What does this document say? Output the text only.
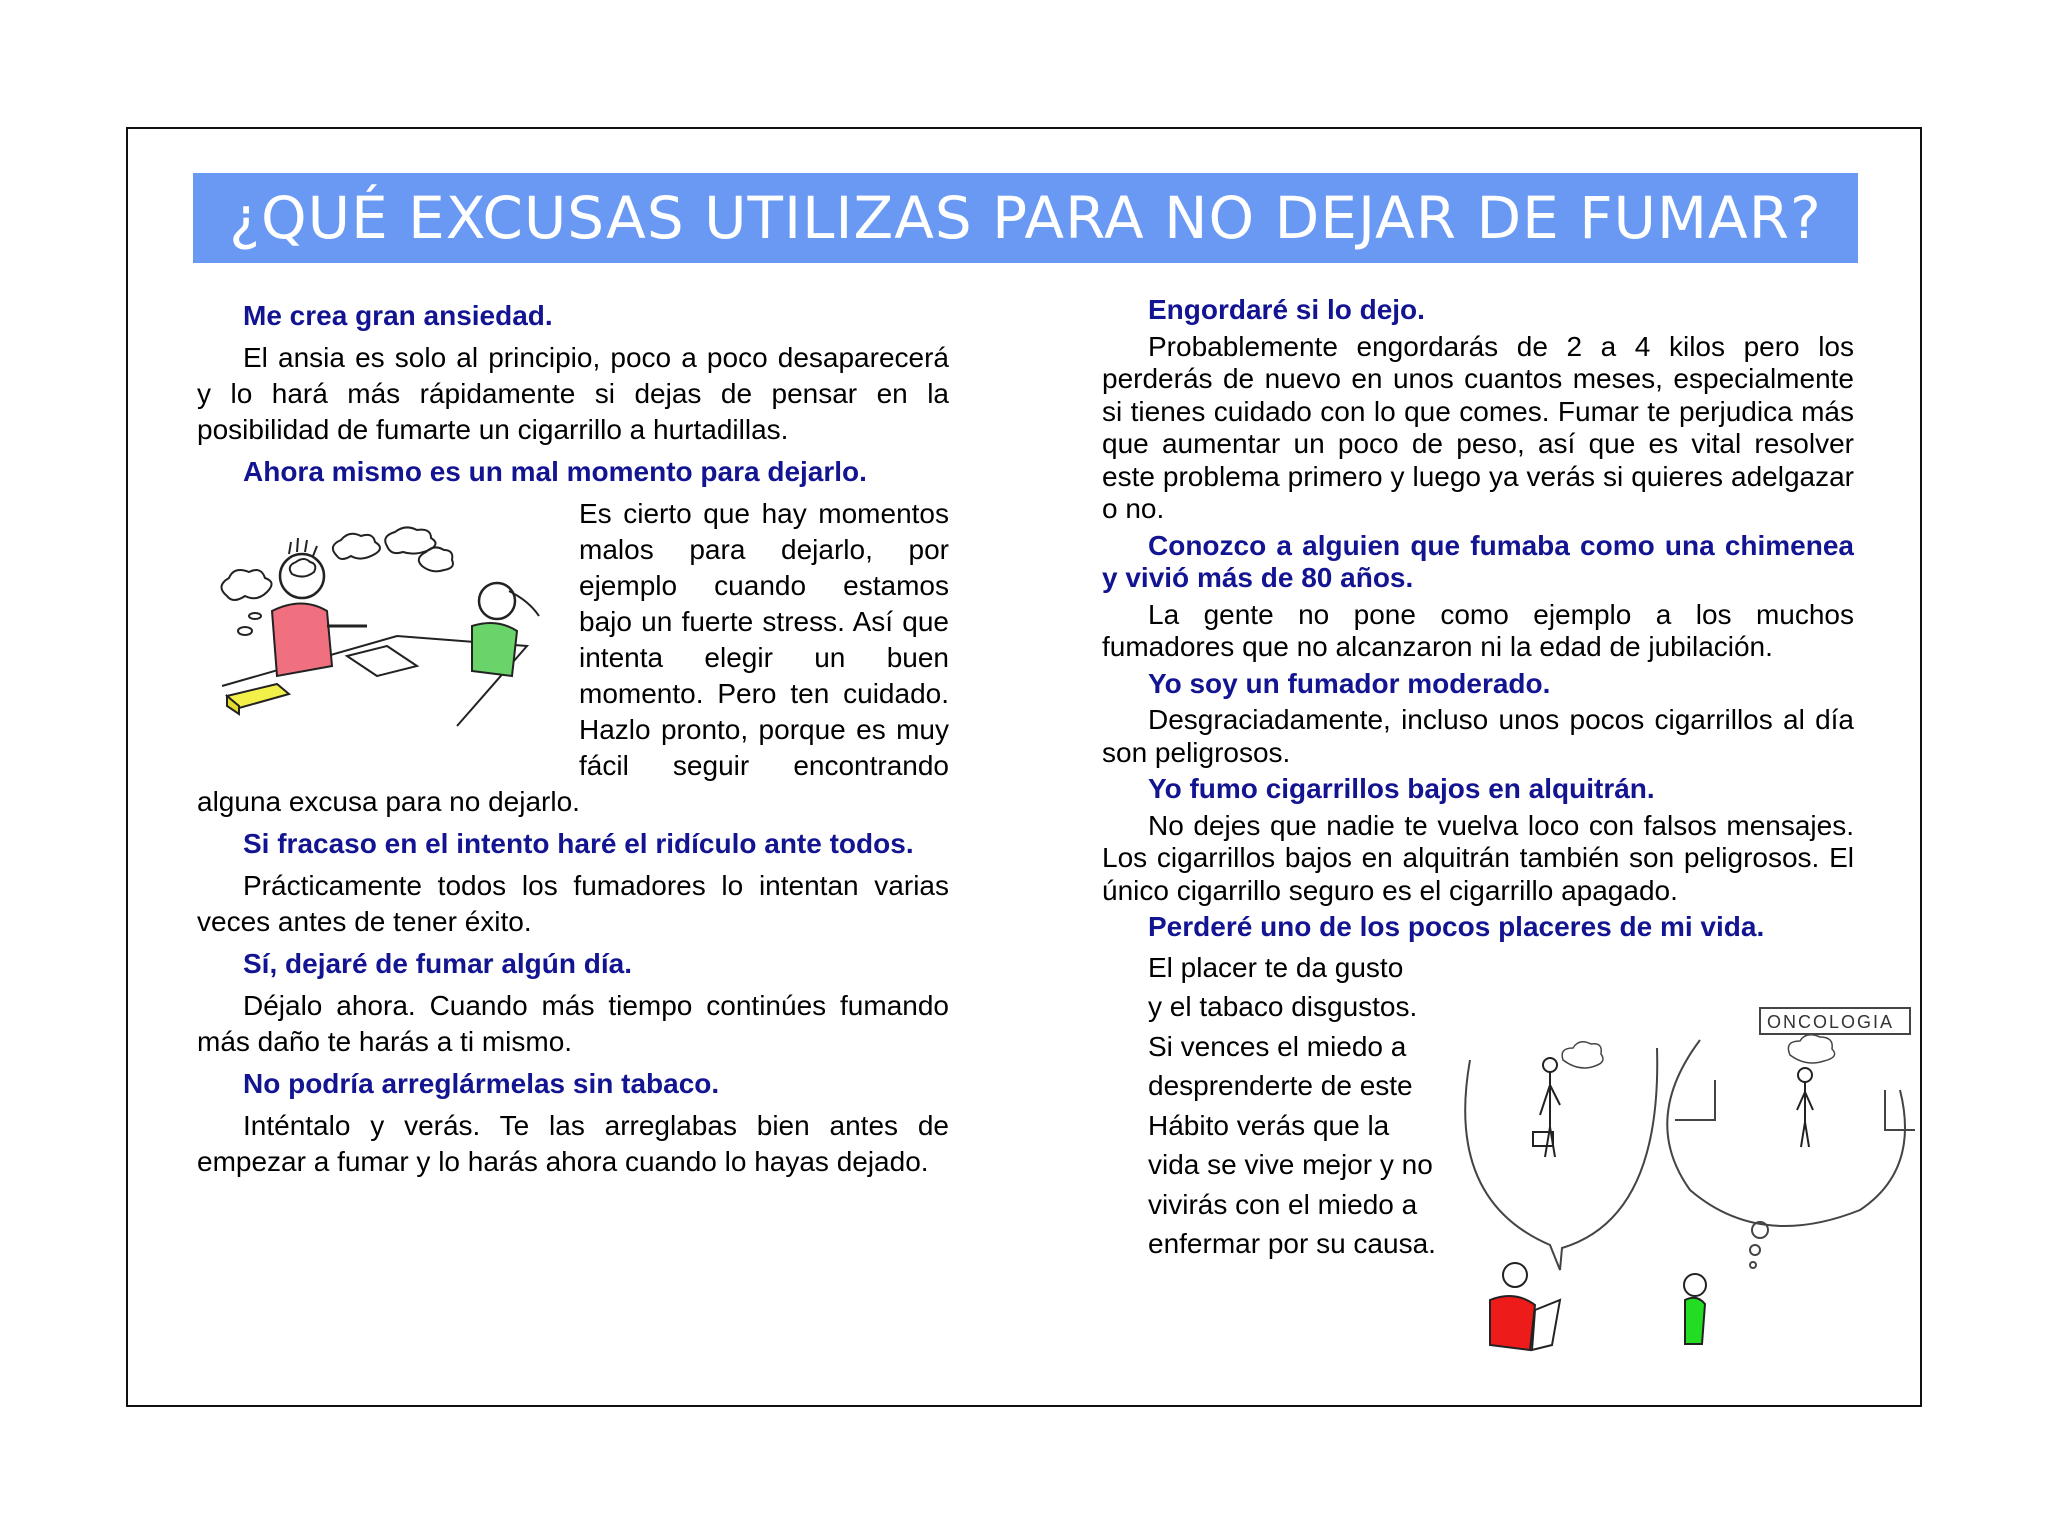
¿QUÉ EXCUSAS UTILIZAS PARA NO DEJAR DE FUMAR?

Me crea gran ansiedad.

El ansia es solo al principio, poco a poco desaparecerá y lo hará más rápidamente si dejas de pensar en la posibilidad de fumarte un cigarrillo a hurtadillas.

Ahora mismo es un mal momento para dejarlo.

Es cierto que hay momentos malos para dejarlo, por ejemplo cuando estamos bajo un fuerte stress. Así que intenta elegir un buen momento. Pero ten cuidado. Hazlo pronto, porque es muy fácil seguir encontrando alguna excusa para no dejarlo.

Si fracaso en el intento haré el ridículo ante todos.

Prácticamente todos los fumadores lo intentan varias veces antes de tener éxito.

Sí, dejaré de fumar algún día.

Déjalo ahora. Cuando más tiempo continúes fumando más daño te harás a ti mismo.

No podría arreglármelas sin tabaco.

Inténtalo y verás. Te las arreglabas bien antes de empezar a fumar y lo harás ahora cuando lo hayas dejado.

Engordaré si lo dejo.

Probablemente engordarás de 2 a 4 kilos pero los perderás de nuevo en unos cuantos meses, especialmente si tienes cuidado con lo que comes. Fumar te perjudica más que aumentar un poco de peso, así que es vital resolver este problema primero y luego ya verás si quieres adelgazar o no.

Conozco a alguien que fumaba como una chimenea y vivió más de 80 años.

La gente no pone como ejemplo a los muchos fumadores que no alcanzaron ni la edad de jubilación.

Yo soy un fumador moderado.

Desgraciadamente, incluso unos pocos cigarrillos al día son peligrosos.

Yo fumo cigarrillos bajos en alquitrán.

No dejes que nadie te vuelva loco con falsos mensajes. Los cigarrillos bajos en alquitrán también son peligrosos. El único cigarrillo seguro es el cigarrillo apagado.

Perderé uno de los pocos placeres de mi vida.

El placer te da gusto
y el tabaco disgustos.
Si vences el miedo a
desprenderte de este
Hábito verás que la
vida se vive mejor y no
vivirás con el miedo a
enfermar por su causa.
ONCOLOGIA
